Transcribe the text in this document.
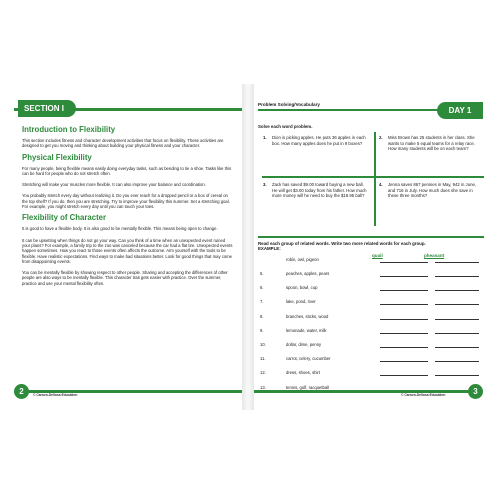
SECTION I
Introduction to Flexibility

This section includes fitness and character development activities that focus on flexibility. These activities are designed to get you moving and thinking about building your physical fitness and your character.

Physical Flexibility

For many people, being flexible means easily doing everyday tasks, such as bending to tie a shoe. Tasks like this can be hard for people who do not stretch often.

Stretching will make your muscles more flexible. It can also improve your balance and coordination.

You probably stretch every day without realizing it. Do you ever reach for a dropped pencil or a box of cereal on the top shelf? If you do, then you are stretching. Try to improve your flexibility this summer. Set a stretching goal. For example, you might stretch every day until you can touch your toes.

Flexibility of Character

It is good to have a flexible body. It is also good to be mentally flexible. This means being open to change.

It can be upsetting when things do not go your way. Can you think of a time when an unexpected event ruined your plans? For example, a family trip to the zoo was canceled because the car had a flat tire. Unexpected events happen sometimes. How you react to those events often affects the outcome. Arm yourself with the tools to be flexible. Have realistic expectations. Find ways to make bad situations better. Look for good things that may come from disappointing events.

You can be mentally flexible by showing respect to other people. Sharing and accepting the differences of other people are also ways to be mentally flexible. This character trait gets easier with practice. Over the summer, practice and use your mental flexibility often.

2	© Carson-Dellosa Education
Problem Solving/Vocabulary
DAY 1
Solve each word problem.
1. Dion is picking apples. He puts 36 apples in each box. How many apples does he put in 9 boxes?
2. Miss Brown has 25 students in her class. She wants to make 5 equal teams for a relay race. How many students will be on each team?
3. Zack has saved $9.00 toward buying a new ball. He will get $3.00 today from his father. How much more money will he need to buy the $19.95 ball?
4. Jenna saves 867 pennies in May, 942 in June, and 716 in July. How much does she save in these three months?
Read each group of related words. Write two more related words for each group.
EXAMPLE:
quail	pheasant
robin, owl, pigeon
5.	peaches, apples, pears
6.	spoon, bowl, cup
7.	lake, pond, river
8.	branches, sticks, wood
9.	lemonade, water, milk
10.	dollar, dime, penny
11.	carrot, celery, cucumber
12.	dress, shoes, shirt
13.	tennis, golf, racquetball	3
© Carson-Dellosa Education
